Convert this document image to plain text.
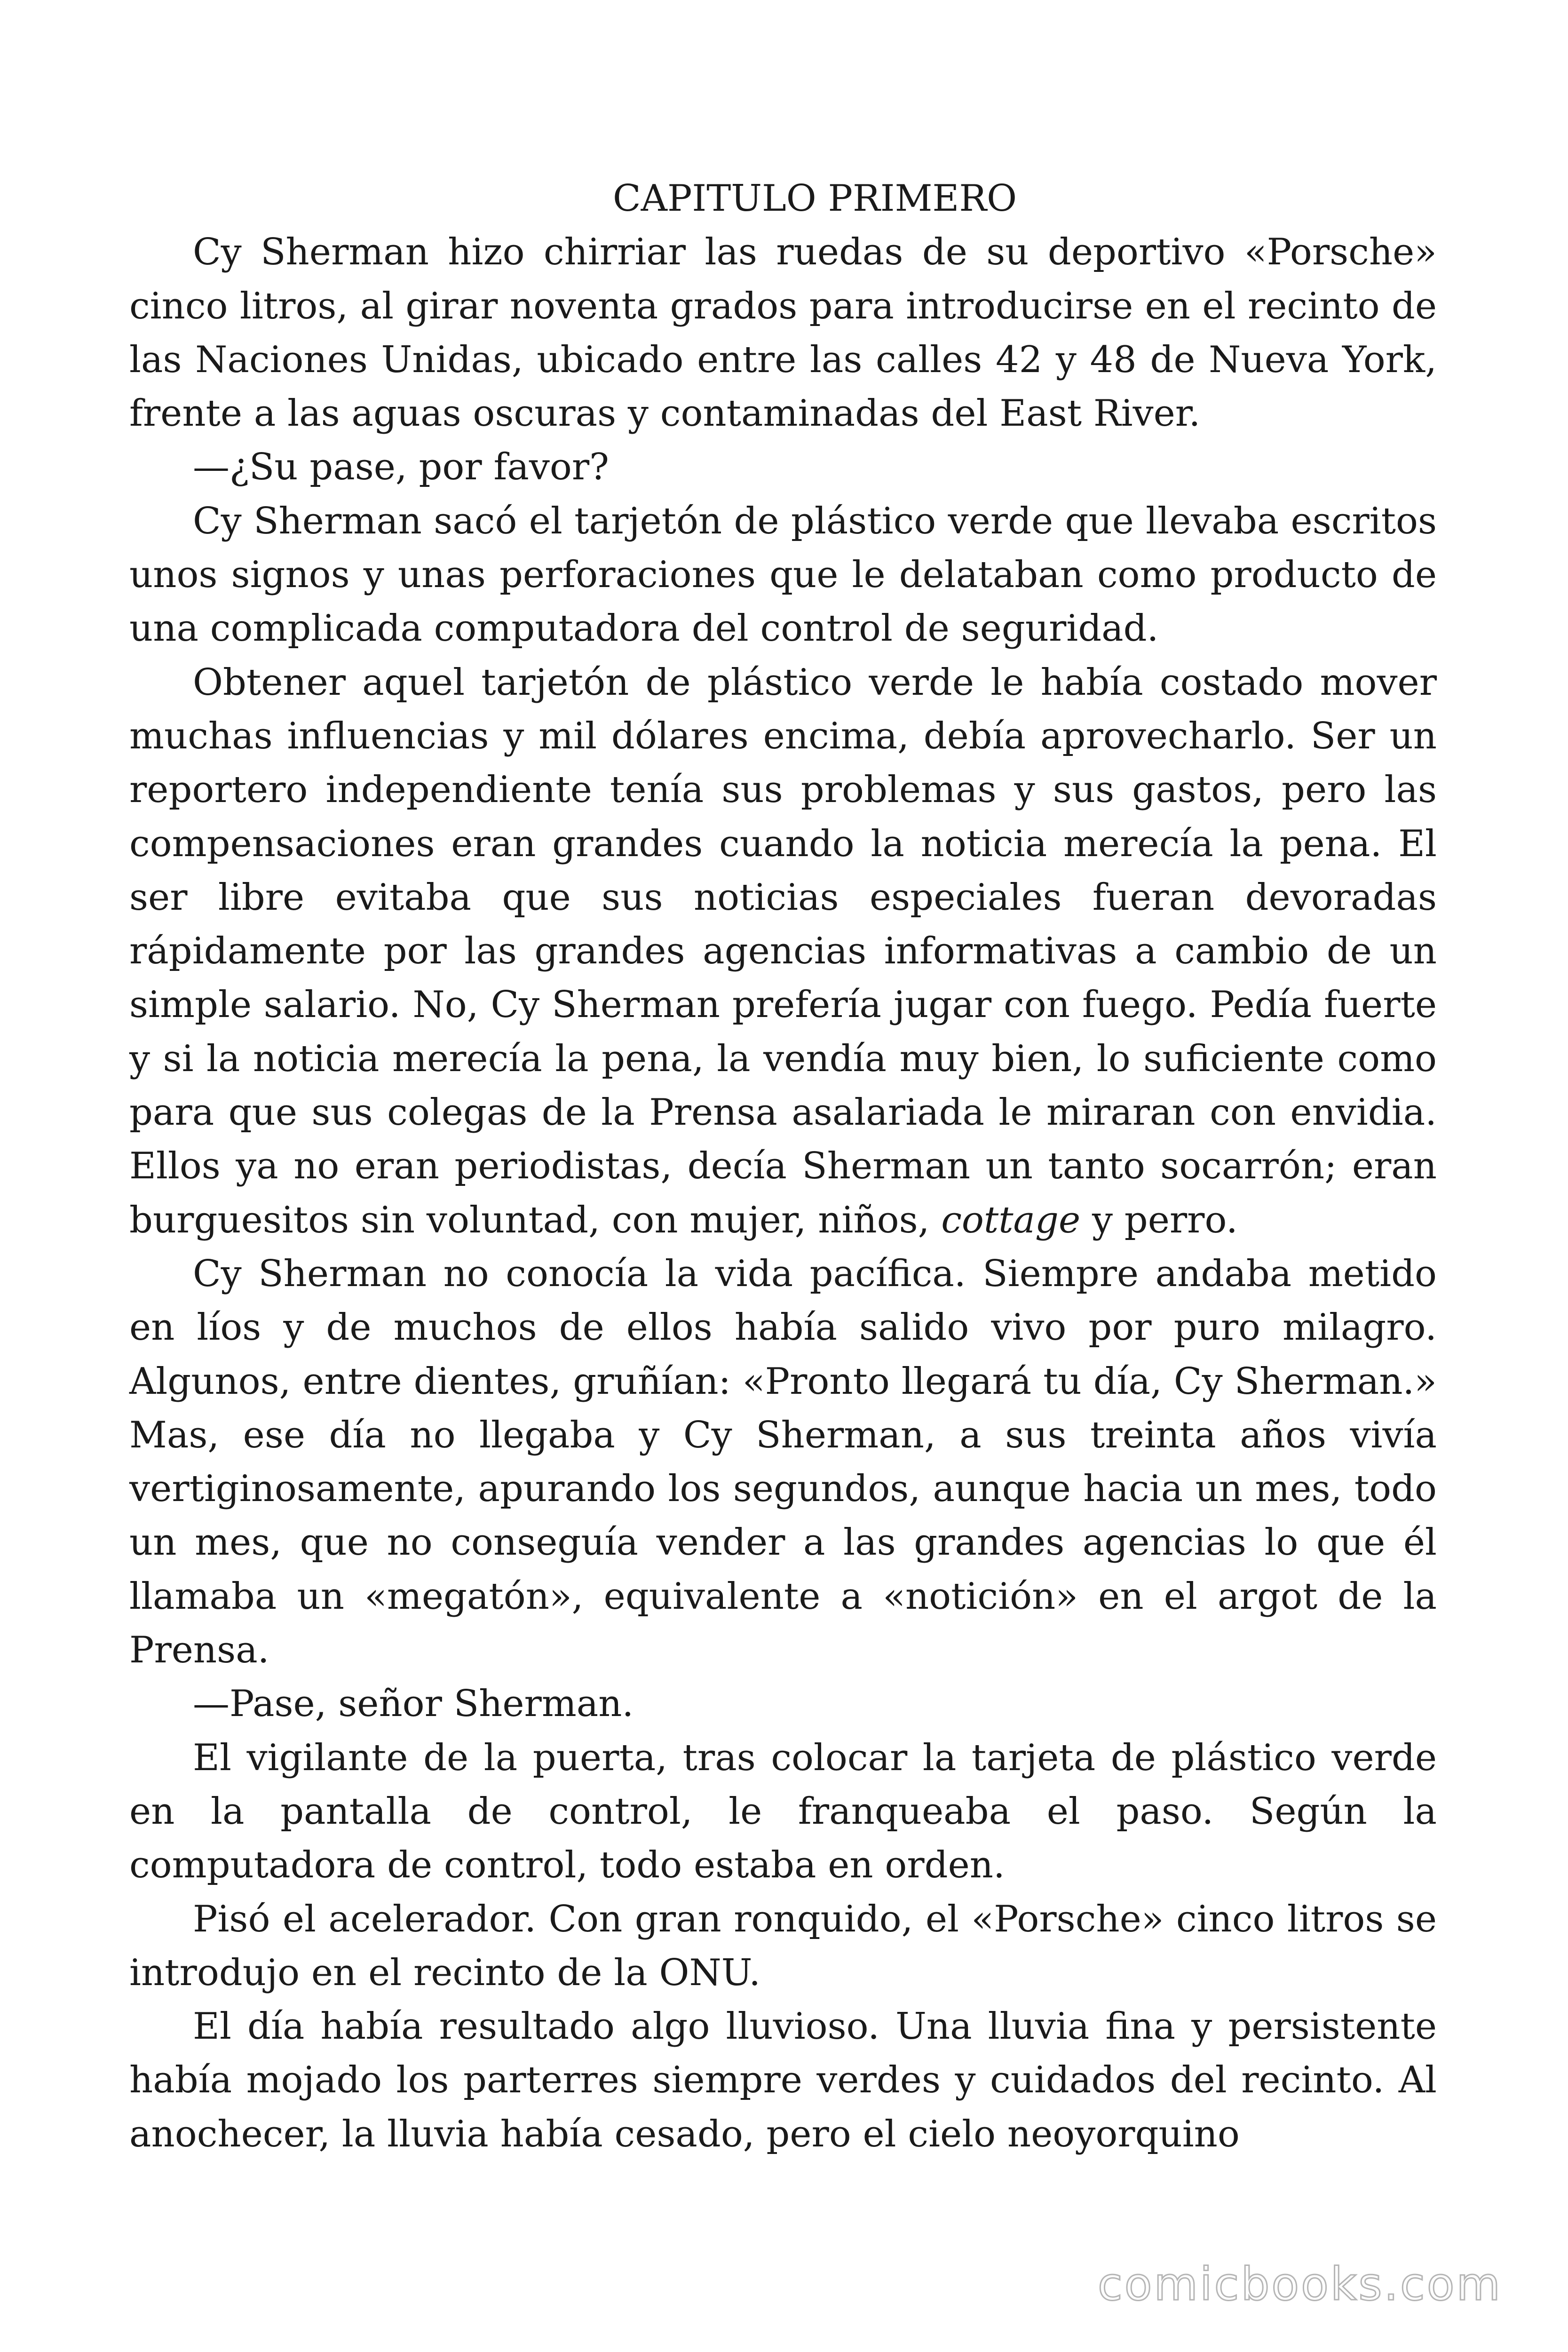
CAPITULO PRIMERO

Cy Sherman hizo chirriar las ruedas de su deportivo «Porsche» cinco litros, al girar noventa grados para introducirse en el recinto de las Naciones Unidas, ubicado entre las calles 42 y 48 de Nueva York, frente a las aguas oscuras y contaminadas del East River.

—¿Su pase, por favor?

Cy Sherman sacó el tarjetón de plástico verde que llevaba escritos unos signos y unas perforaciones que le delataban como producto de una complicada computadora del control de seguridad.

Obtener aquel tarjetón de plástico verde le había costado mover muchas influencias y mil dólares encima, debía aprovecharlo. Ser un reportero independiente tenía sus problemas y sus gastos, pero las compensaciones eran grandes cuando la noticia merecía la pena. El ser libre evitaba que sus noticias especiales fueran devoradas rápidamente por las grandes agencias informativas a cambio de un simple salario. No, Cy Sherman prefería jugar con fuego. Pedía fuerte y si la noticia merecía la pena, la vendía muy bien, lo suficiente como para que sus colegas de la Prensa asalariada le miraran con envidia. Ellos ya no eran periodistas, decía Sherman un tanto socarrón; eran burguesitos sin voluntad, con mujer, niños, cottage y perro.

Cy Sherman no conocía la vida pacífica. Siempre andaba metido en líos y de muchos de ellos había salido vivo por puro milagro. Algunos, entre dientes, gruñían: «Pronto llegará tu día, Cy Sherman.» Mas, ese día no llegaba y Cy Sherman, a sus treinta años vivía vertiginosamente, apurando los segundos, aunque hacia un mes, todo un mes, que no conseguía vender a las grandes agencias lo que él llamaba un «megatón», equivalente a «notición» en el argot de la Prensa.

—Pase, señor Sherman.

El vigilante de la puerta, tras colocar la tarjeta de plástico verde en la pantalla de control, le franqueaba el paso. Según la computadora de control, todo estaba en orden.

Pisó el acelerador. Con gran ronquido, el «Porsche» cinco litros se introdujo en el recinto de la ONU.

El día había resultado algo lluvioso. Una lluvia fina y persistente había mojado los parterres siempre verdes y cuidados del recinto. Al anochecer, la lluvia había cesado, pero el cielo neoyorquino

comicbooks.com
